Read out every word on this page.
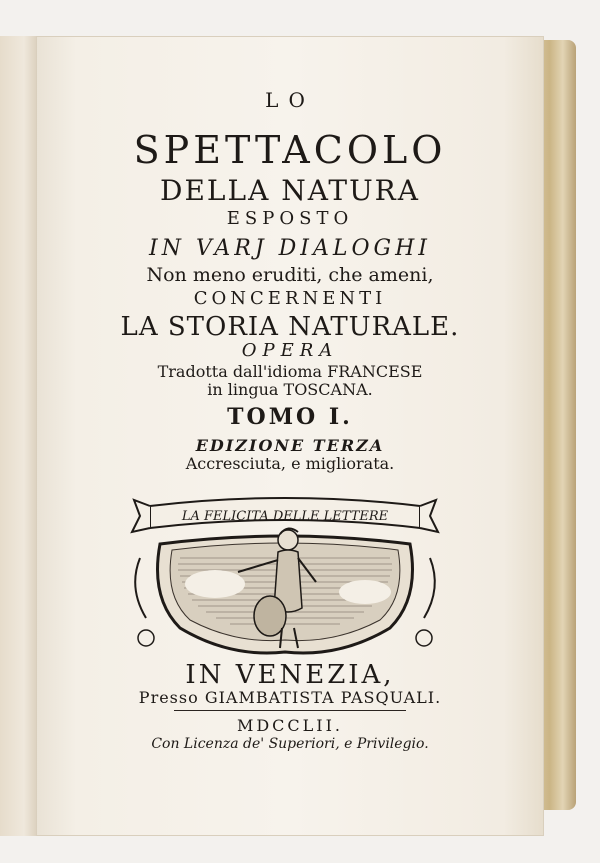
LO
SPETTACOLO
DELLA NATURA
ESPOSTO
IN VARJ DIALOGHI
Non meno eruditi, che ameni,
CONCERNENTI
LA STORIA NATURALE.
OPERA
Tradotta dall'idioma FRANCESE
in lingua TOSCANA.
TOMO I.
EDIZIONE TERZA
Accresciuta, e migliorata.
LA FELICITA DELLE LETTERE
IN VENEZIA,
Presso GIAMBATISTA PASQUALI.
MDCCLII.
Con Licenza de' Superiori, e Privilegio.
